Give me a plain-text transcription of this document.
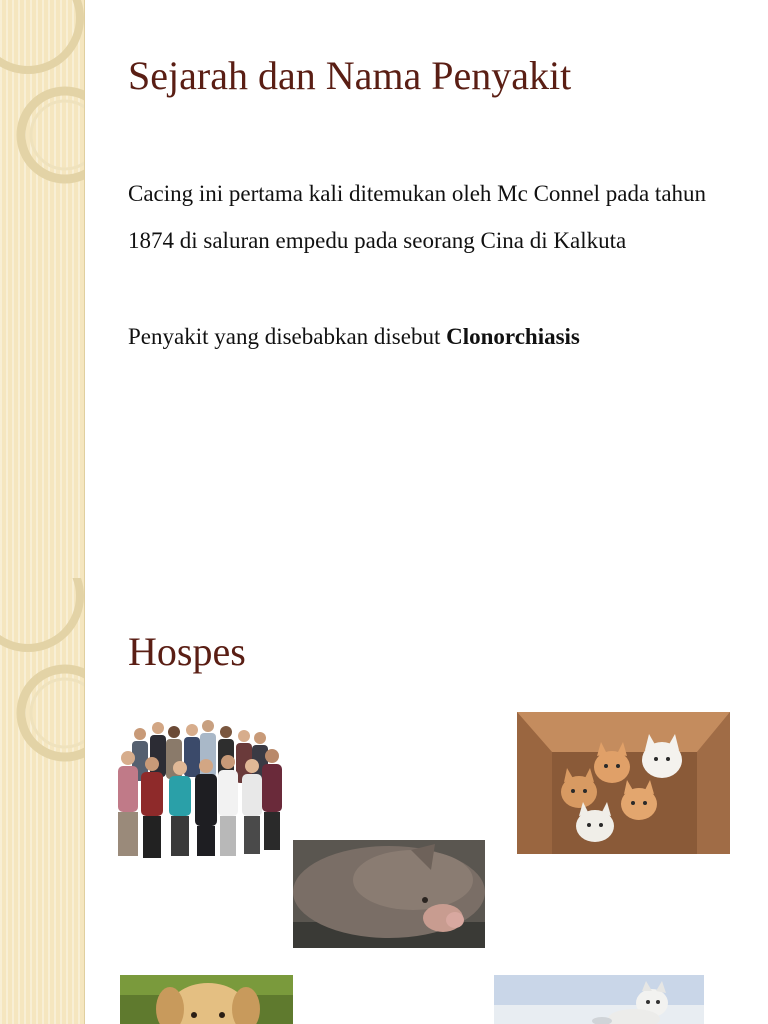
Sejarah dan Nama Penyakit

Cacing ini pertama kali ditemukan oleh Mc Connel pada tahun 1874 di saluran empedu pada seorang Cina di Kalkuta

Penyakit yang disebabkan disebut Clonorchiasis

Hospes
